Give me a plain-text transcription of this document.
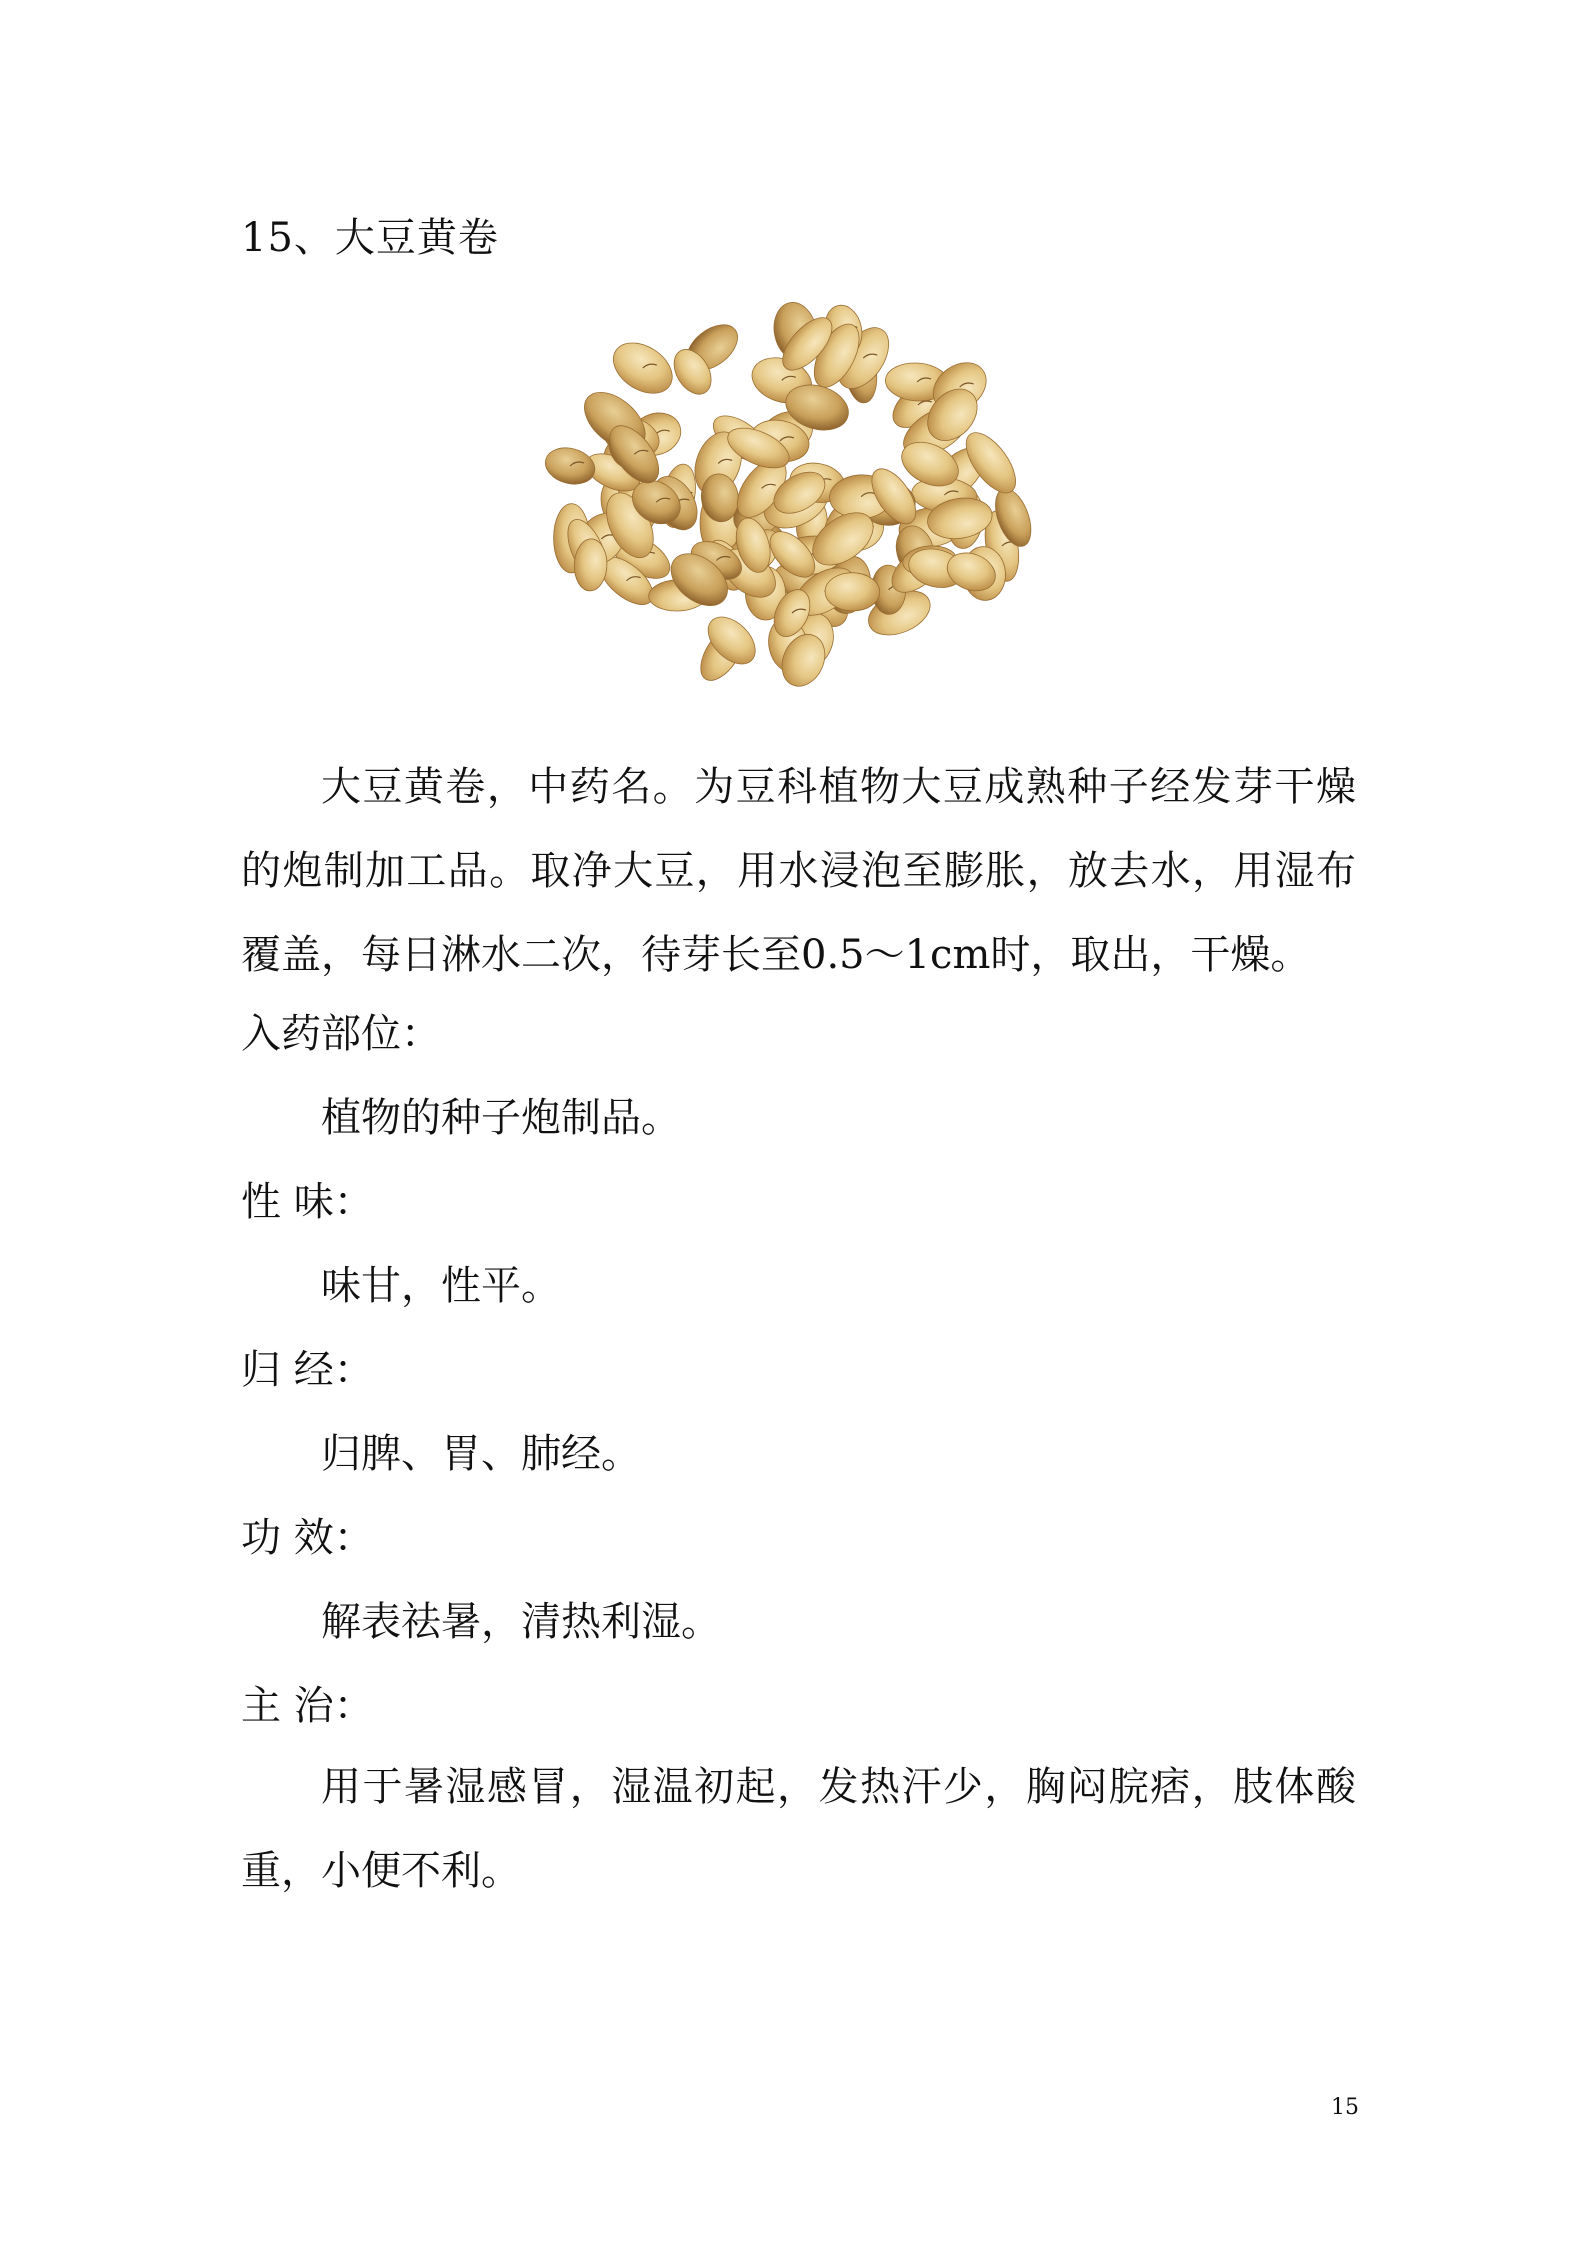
15、大豆黄卷

大豆黄卷，中药名。为豆科植物大豆成熟种子经发芽干燥的炮制加工品。取净大豆，用水浸泡至膨胀，放去水，用湿布覆盖，每日淋水二次，待芽长至0.5～1cm时，取出，干燥。

入药部位：
植物的种子炮制品。
性 味：
味甘，性平。
归 经：
归脾、胃、肺经。
功 效：
解表祛暑，清热利湿。
主 治：

用于暑湿感冒，湿温初起，发热汗少，胸闷脘痞，肢体酸重，小便不利。

15
